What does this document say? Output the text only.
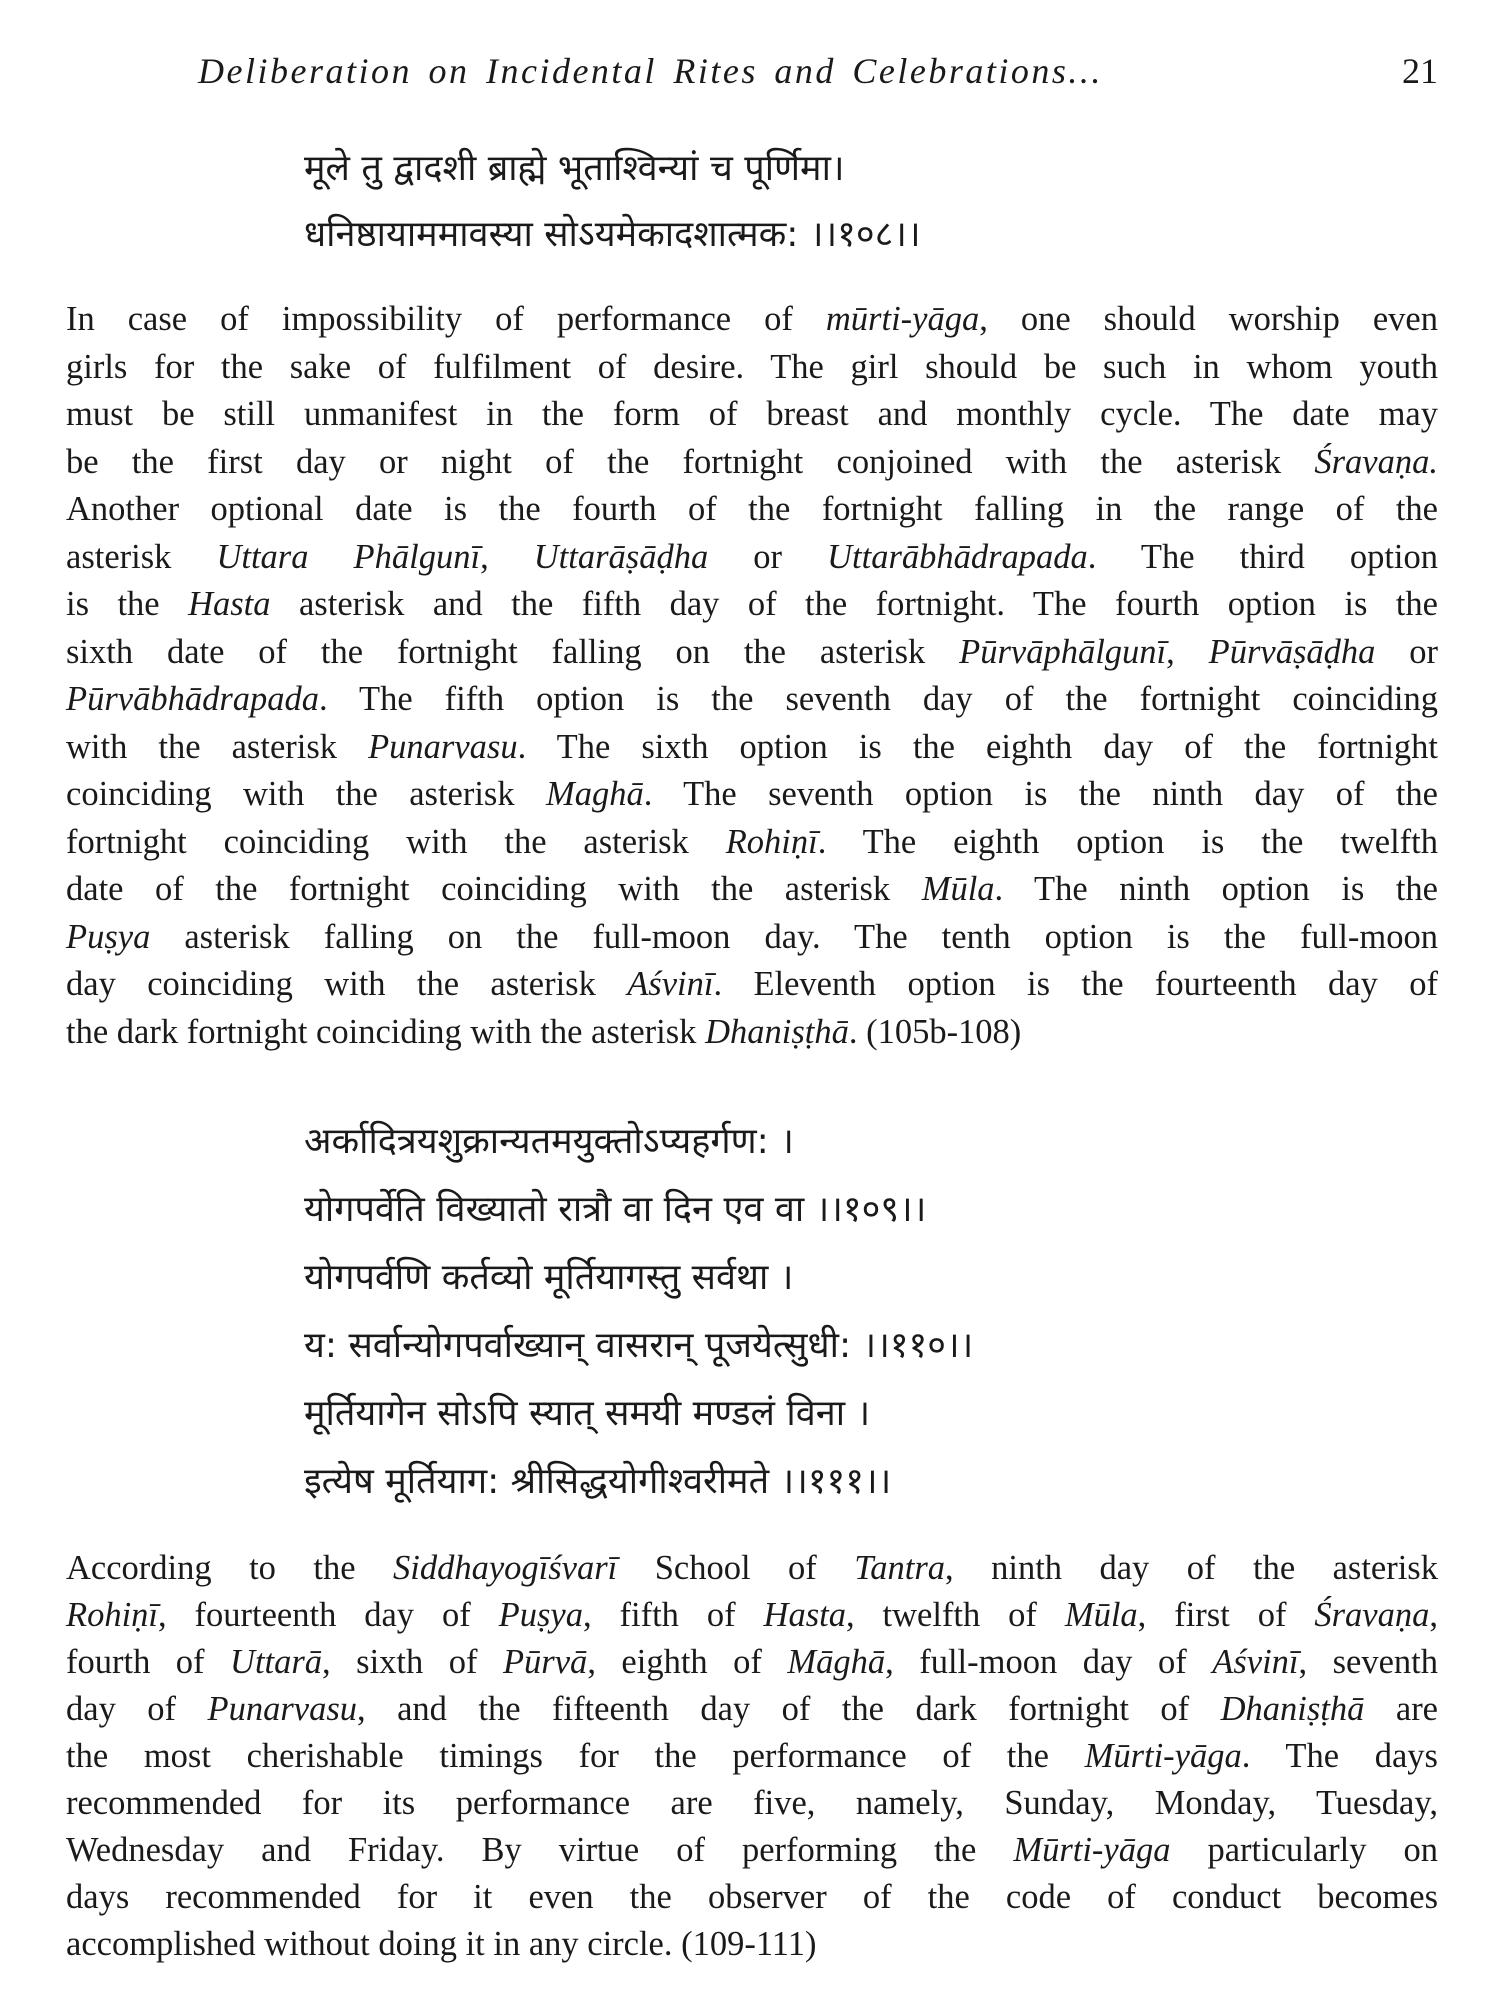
Deliberation on Incidental Rites and Celebrations...	21
मूले तु द्वादशी ब्राह्मे भूताश्विन्यां च पूर्णिमा।
धनिष्ठायाममावस्या सोऽयमेकादशात्मक: ।।१०८।।
In case of impossibility of performance of mūrti-yāga, one should worship even
girls for the sake of fulfilment of desire. The girl should be such in whom youth
must be still unmanifest in the form of breast and monthly cycle. The date may
be the first day or night of the fortnight conjoined with the asterisk Śravaṇa.
Another optional date is the fourth of the fortnight falling in the range of the
asterisk Uttara Phālgunī, Uttarāṣāḍha or Uttarābhādrapada. The third option
is the Hasta asterisk and the fifth day of the fortnight. The fourth option is the
sixth date of the fortnight falling on the asterisk Pūrvāphālgunī, Pūrvāṣāḍha or
Pūrvābhādrapada. The fifth option is the seventh day of the fortnight coinciding
with the asterisk Punarvasu. The sixth option is the eighth day of the fortnight
coinciding with the asterisk Maghā. The seventh option is the ninth day of the
fortnight coinciding with the asterisk Rohiṇī. The eighth option is the twelfth
date of the fortnight coinciding with the asterisk Mūla. The ninth option is the
Puṣya asterisk falling on the full-moon day. The tenth option is the full-moon
day coinciding with the asterisk Aśvinī. Eleventh option is the fourteenth day of
the dark fortnight coinciding with the asterisk Dhaniṣṭhā. (105b-108)
अर्कादित्रयशुक्रान्यतमयुक्तोऽप्यहर्गण: ।
योगपर्वेति विख्यातो रात्रौ वा दिन एव वा ।।१०९।।
योगपर्वणि कर्तव्यो मूर्तियागस्तु सर्वथा ।
य: सर्वान्योगपर्वाख्यान् वासरान् पूजयेत्सुधी: ।।११०।।
मूर्तियागेन सोऽपि स्यात् समयी मण्डलं विना ।
इत्येष मूर्तियाग: श्रीसिद्धयोगीश्वरीमते ।।१११।।
According to the Siddhayogīśvarī School of Tantra, ninth day of the asterisk
Rohiṇī, fourteenth day of Puṣya, fifth of Hasta, twelfth of Mūla, first of Śravaṇa,
fourth of Uttarā, sixth of Pūrvā, eighth of Māghā, full-moon day of Aśvinī, seventh
day of Punarvasu, and the fifteenth day of the dark fortnight of Dhaniṣṭhā are
the most cherishable timings for the performance of the Mūrti-yāga. The days
recommended for its performance are five, namely, Sunday, Monday, Tuesday,
Wednesday and Friday. By virtue of performing the Mūrti-yāga particularly on
days recommended for it even the observer of the code of conduct becomes
accomplished without doing it in any circle. (109-111)
